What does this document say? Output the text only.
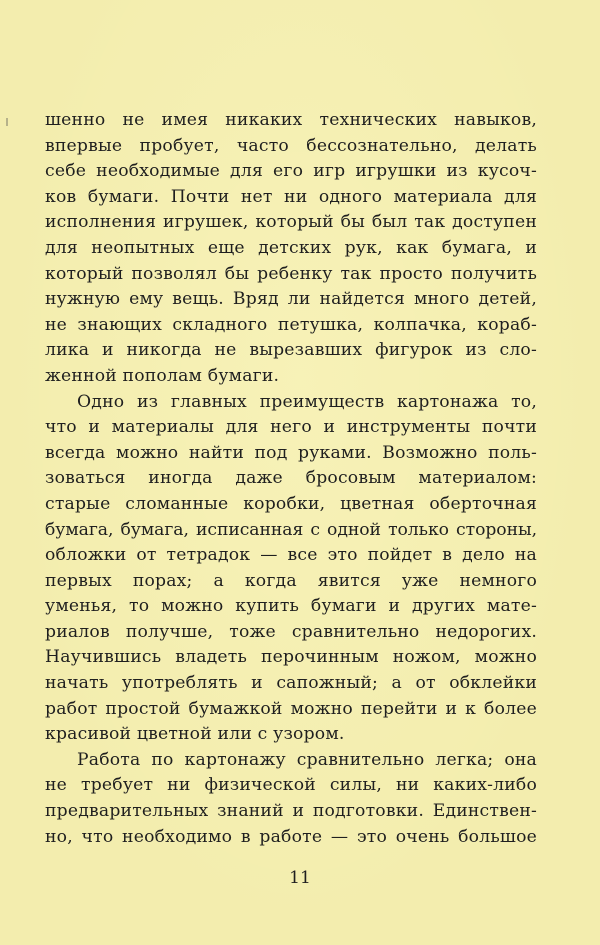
шенно не имея никаких технических навыков,
впервые пробует, часто бессознательно, делать
себе необходимые для его игр игрушки из кусоч-
ков бумаги. Почти нет ни одного материала для
исполнения игрушек, который бы был так доступен
для неопытных еще детских рук, как бумага, и
который позволял бы ребенку так просто получить
нужную ему вещь. Вряд ли найдется много детей,
не знающих складного петушка, колпачка, кораб-
лика и никогда не вырезавших фигурок из сло-
женной пополам бумаги.
Одно из главных преимуществ картонажа то,
что и материалы для него и инструменты почти
всегда можно найти под руками. Возможно поль-
зоваться иногда даже бросовым материалом:
старые сломанные коробки, цветная оберточная
бумага, бумага, исписанная с одной только стороны,
обложки от тетрадок — все это пойдет в дело на
первых порах; а когда явится уже немного
уменья, то можно купить бумаги и других мате-
риалов получше, тоже сравнительно недорогих.
Научившись владеть перочинным ножом, можно
начать употреблять и сапожный; а от обклейки
работ простой бумажкой можно перейти и к более
красивой цветной или с узором.
Работа по картонажу сравнительно легка; она
не требует ни физической силы, ни каких-либо
предварительных знаний и подготовки. Единствен-
но, что необходимо в работе — это очень большое
11
